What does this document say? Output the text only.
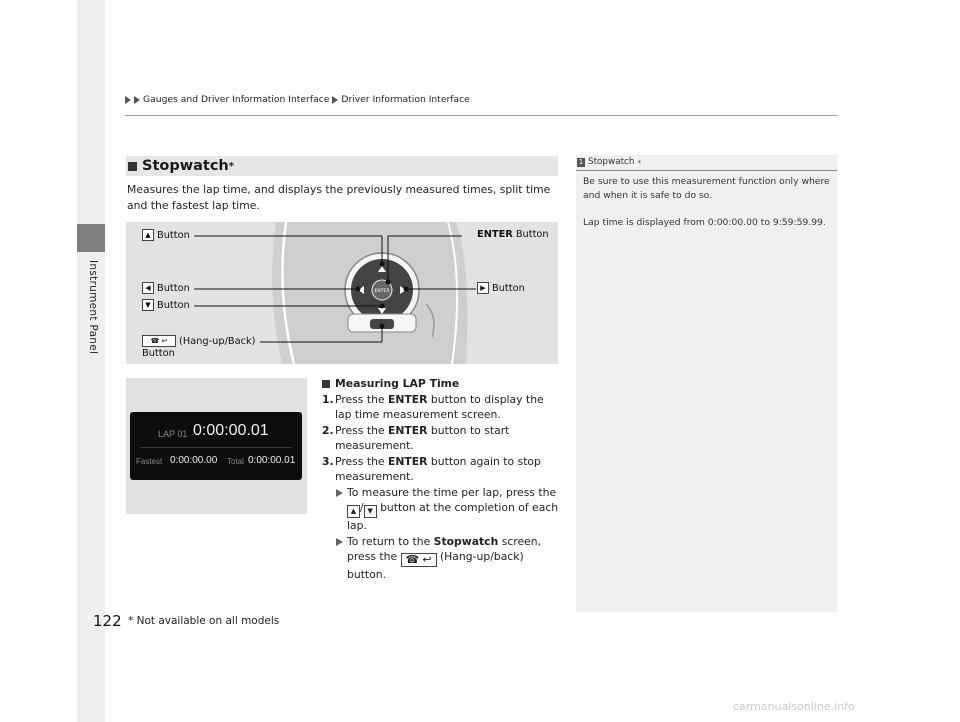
Instrument Panel
Gauges and Driver Information Interface Driver Information Interface
Stopwatch *
Measures the lap time, and displays the previously measured times, split time and the fastest lap time.
ENTER
▲ Button	ENTER Button
◀ Button	▶ Button
▼ Button
☎ ↩	(Hang-up/Back)
Button
LAP 01 0:00:00.01
Fastest 0:00:00.00 Total 0:00:00.01
Measuring LAP Time
1. Press the ENTER button to display the lap time measurement screen.
2. Press the ENTER button to start measurement.
3. Press the ENTER button again to stop measurement.
To measure the time per lap, press the
▲ / ▼ button at the completion of each lap.
To return to the Stopwatch screen, press the ☎ ↩ (Hang-up/back) button.
1 Stopwatch *

Be sure to use this measurement function only where and when it is safe to do so.

Lap time is displayed from 0:00:00.00 to 9:59:59.99.

122 * Not available on all models
carmanualsonline.info
